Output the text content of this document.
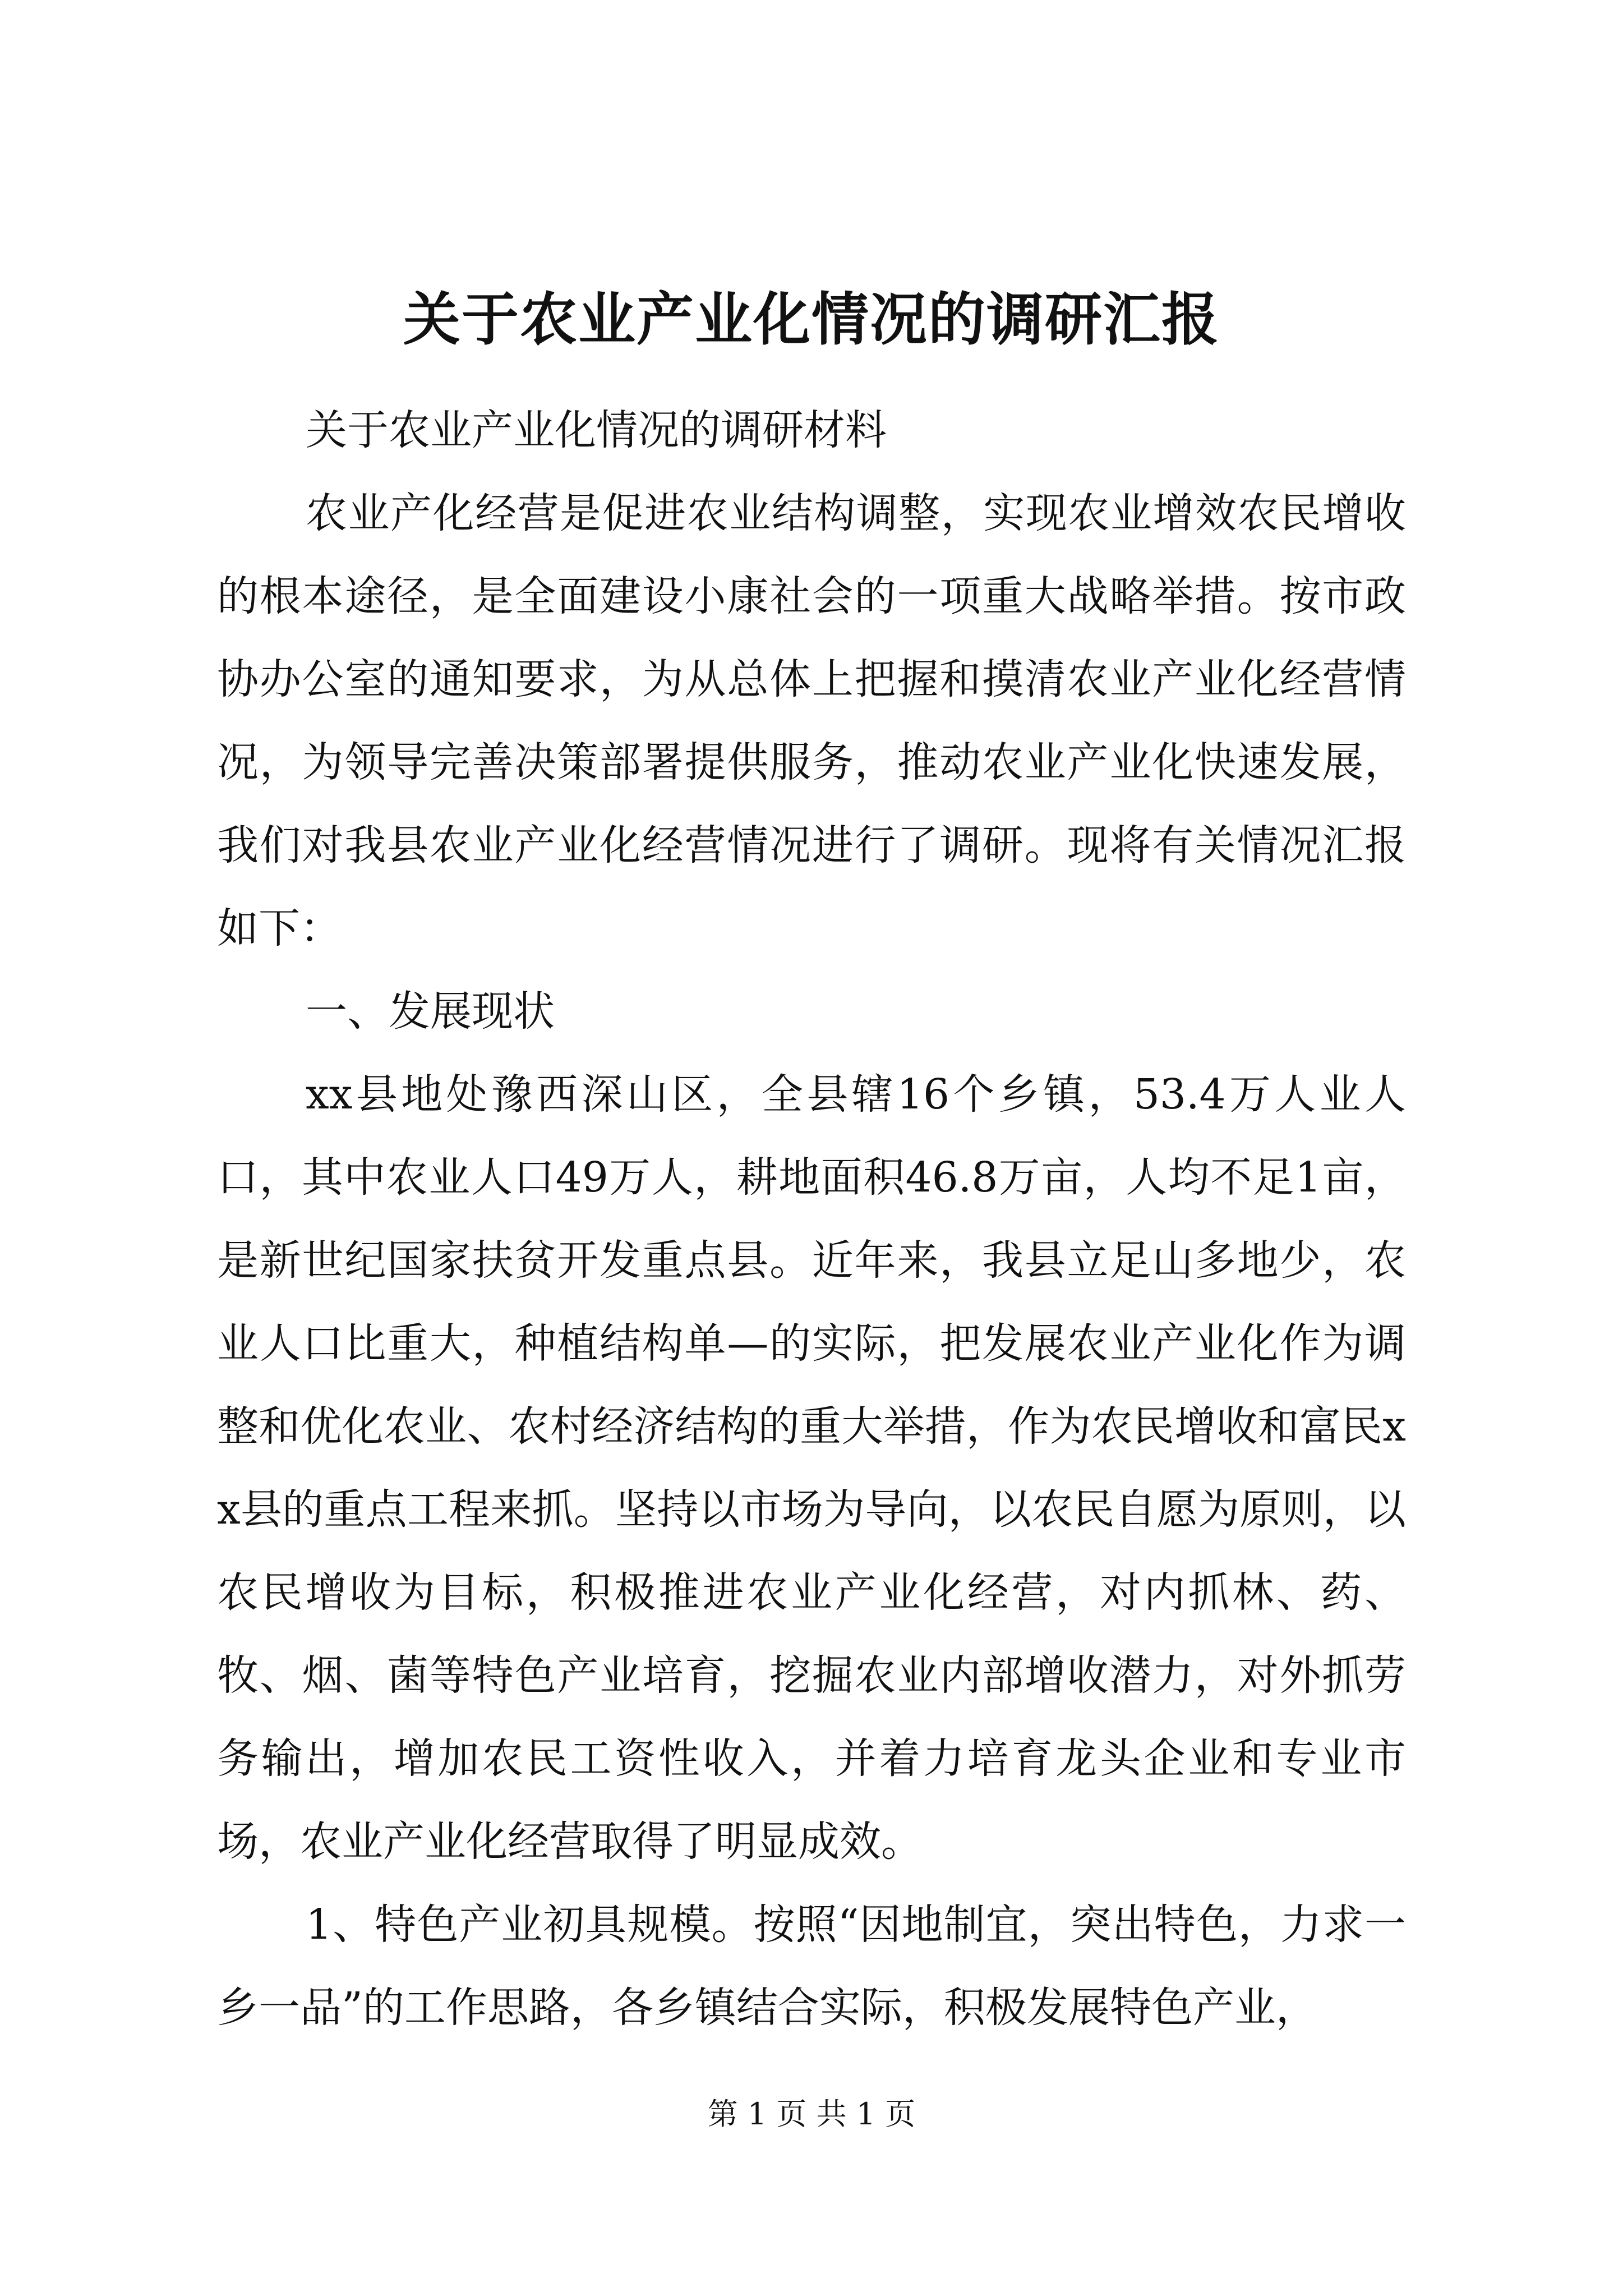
关于农业产业化情况的调研汇报

关于农业产业化情况的调研材料

农业产化经营是促进农业结构调整，实现农业增效农民增收的根本途径，是全面建设小康社会的一项重大战略举措。按市政协办公室的通知要求，为从总体上把握和摸清农业产业化经营情况，为领导完善决策部署提供服务，推动农业产业化快速发展，我们对我县农业产业化经营情况进行了调研。现将有关情况汇报如下：

一、发展现状

xx县地处豫西深山区，全县辖16个乡镇，53.4万人业人口，其中农业人口49万人，耕地面积46.8万亩，人均不足1亩，是新世纪国家扶贫开发重点县。近年来，我县立足山多地少，农业人口比重大，种植结构单—的实际，把发展农业产业化作为调整和优化农业、农村经济结构的重大举措，作为农民增收和富民xx县的重点工程来抓。坚持以市场为导向，以农民自愿为原则，以农民增收为目标，积极推进农业产业化经营，对内抓林、药、牧、烟、菌等特色产业培育，挖掘农业内部增收潜力，对外抓劳务输出，增加农民工资性收入，并着力培育龙头企业和专业市场，农业产业化经营取得了明显成效。

1、特色产业初具规模。按照“因地制宜，突出特色，力求一乡一品”的工作思路，各乡镇结合实际，积极发展特色产业，

第 1 页 共 1 页
